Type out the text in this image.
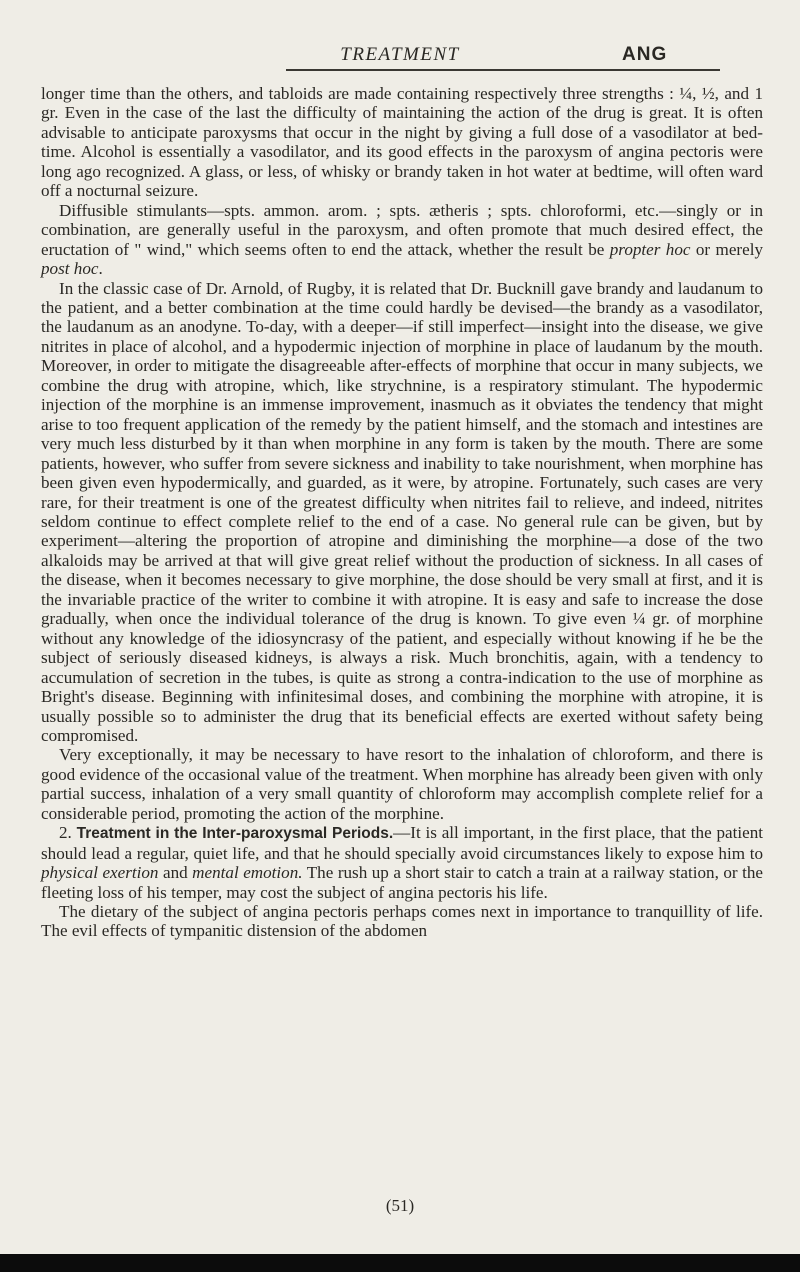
TREATMENT	ANG

longer time than the others, and tabloids are made containing respectively three strengths : ¼, ½, and 1 gr. Even in the case of the last the difficulty of maintaining the action of the drug is great. It is often advisable to anticipate paroxysms that occur in the night by giving a full dose of a vasodilator at bed-time. Alcohol is essentially a vasodilator, and its good effects in the paroxysm of angina pectoris were long ago recognized. A glass, or less, of whisky or brandy taken in hot water at bedtime, will often ward off a nocturnal seizure.

Diffusible stimulants—spts. ammon. arom. ; spts. ætheris ; spts. chloroformi, etc.—singly or in combination, are generally useful in the paroxysm, and often promote that much desired effect, the eructation of " wind," which seems often to end the attack, whether the result be propter hoc or merely post hoc.

In the classic case of Dr. Arnold, of Rugby, it is related that Dr. Bucknill gave brandy and laudanum to the patient, and a better combination at the time could hardly be devised—the brandy as a vasodilator, the laudanum as an anodyne. To-day, with a deeper—if still imperfect—insight into the disease, we give nitrites in place of alcohol, and a hypodermic injection of morphine in place of laudanum by the mouth. Moreover, in order to mitigate the disagreeable after-effects of morphine that occur in many subjects, we combine the drug with atropine, which, like strychnine, is a respiratory stimulant. The hypodermic injection of the morphine is an immense improvement, inasmuch as it obviates the tendency that might arise to too frequent application of the remedy by the patient himself, and the stomach and intestines are very much less disturbed by it than when morphine in any form is taken by the mouth. There are some patients, however, who suffer from severe sickness and inability to take nourishment, when morphine has been given even hypodermically, and guarded, as it were, by atropine. Fortunately, such cases are very rare, for their treatment is one of the greatest difficulty when nitrites fail to relieve, and indeed, nitrites seldom continue to effect complete relief to the end of a case. No general rule can be given, but by experiment—altering the proportion of atropine and diminishing the morphine—a dose of the two alkaloids may be arrived at that will give great relief without the production of sickness. In all cases of the disease, when it becomes necessary to give morphine, the dose should be very small at first, and it is the invariable practice of the writer to combine it with atropine. It is easy and safe to increase the dose gradually, when once the individual tolerance of the drug is known. To give even ¼ gr. of morphine without any knowledge of the idiosyncrasy of the patient, and especially without knowing if he be the subject of seriously diseased kidneys, is always a risk. Much bronchitis, again, with a tendency to accumulation of secretion in the tubes, is quite as strong a contra-indication to the use of morphine as Bright's disease. Beginning with infinitesimal doses, and combining the morphine with atropine, it is usually possible so to administer the drug that its beneficial effects are exerted without safety being compromised.

Very exceptionally, it may be necessary to have resort to the inhalation of chloroform, and there is good evidence of the occasional value of the treatment. When morphine has already been given with only partial success, inhalation of a very small quantity of chloroform may accomplish complete relief for a considerable period, promoting the action of the morphine.

2. Treatment in the Inter-paroxysmal Periods.—It is all important, in the first place, that the patient should lead a regular, quiet life, and that he should specially avoid circumstances likely to expose him to physical exertion and mental emotion. The rush up a short stair to catch a train at a railway station, or the fleeting loss of his temper, may cost the subject of angina pectoris his life.

The dietary of the subject of angina pectoris perhaps comes next in importance to tranquillity of life. The evil effects of tympanitic distension of the abdomen

(51)
